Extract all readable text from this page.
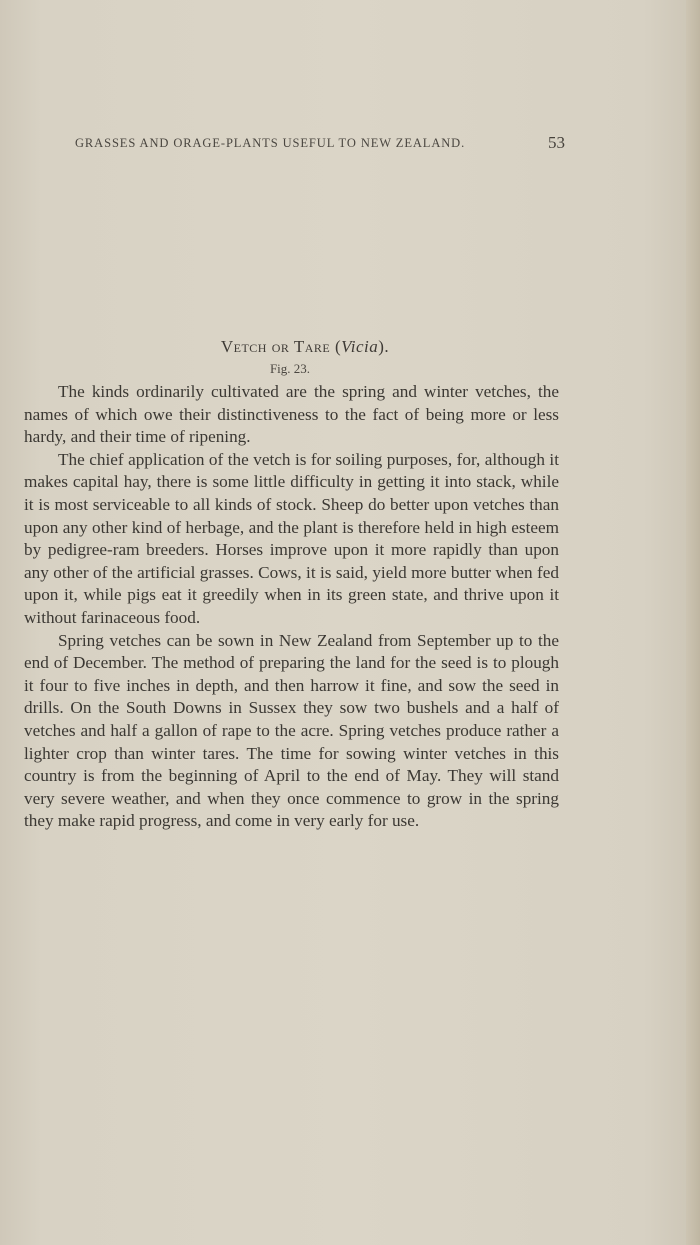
GRASSES AND ORAGE-PLANTS USEFUL TO NEW ZEALAND.	53
Vetch or Tare (Vicia).
Fig. 23.

The kinds ordinarily cultivated are the spring and winter vetches, the names of which owe their distinctiveness to the fact of being more or less hardy, and their time of ripening.

The chief application of the vetch is for soiling purposes, for, although it makes capital hay, there is some little difficulty in getting it into stack, while it is most serviceable to all kinds of stock. Sheep do better upon vetches than upon any other kind of herbage, and the plant is therefore held in high esteem by pedigree-ram breeders. Horses improve upon it more rapidly than upon any other of the artificial grasses. Cows, it is said, yield more butter when fed upon it, while pigs eat it greedily when in its green state, and thrive upon it without farinaceous food.

Spring vetches can be sown in New Zealand from September up to the end of December. The method of preparing the land for the seed is to plough it four to five inches in depth, and then harrow it fine, and sow the seed in drills. On the South Downs in Sussex they sow two bushels and a half of vetches and half a gallon of rape to the acre. Spring vetches produce rather a lighter crop than winter tares. The time for sowing winter vetches in this country is from the beginning of April to the end of May. They will stand very severe weather, and when they once commence to grow in the spring they make rapid progress, and come in very early for use.
